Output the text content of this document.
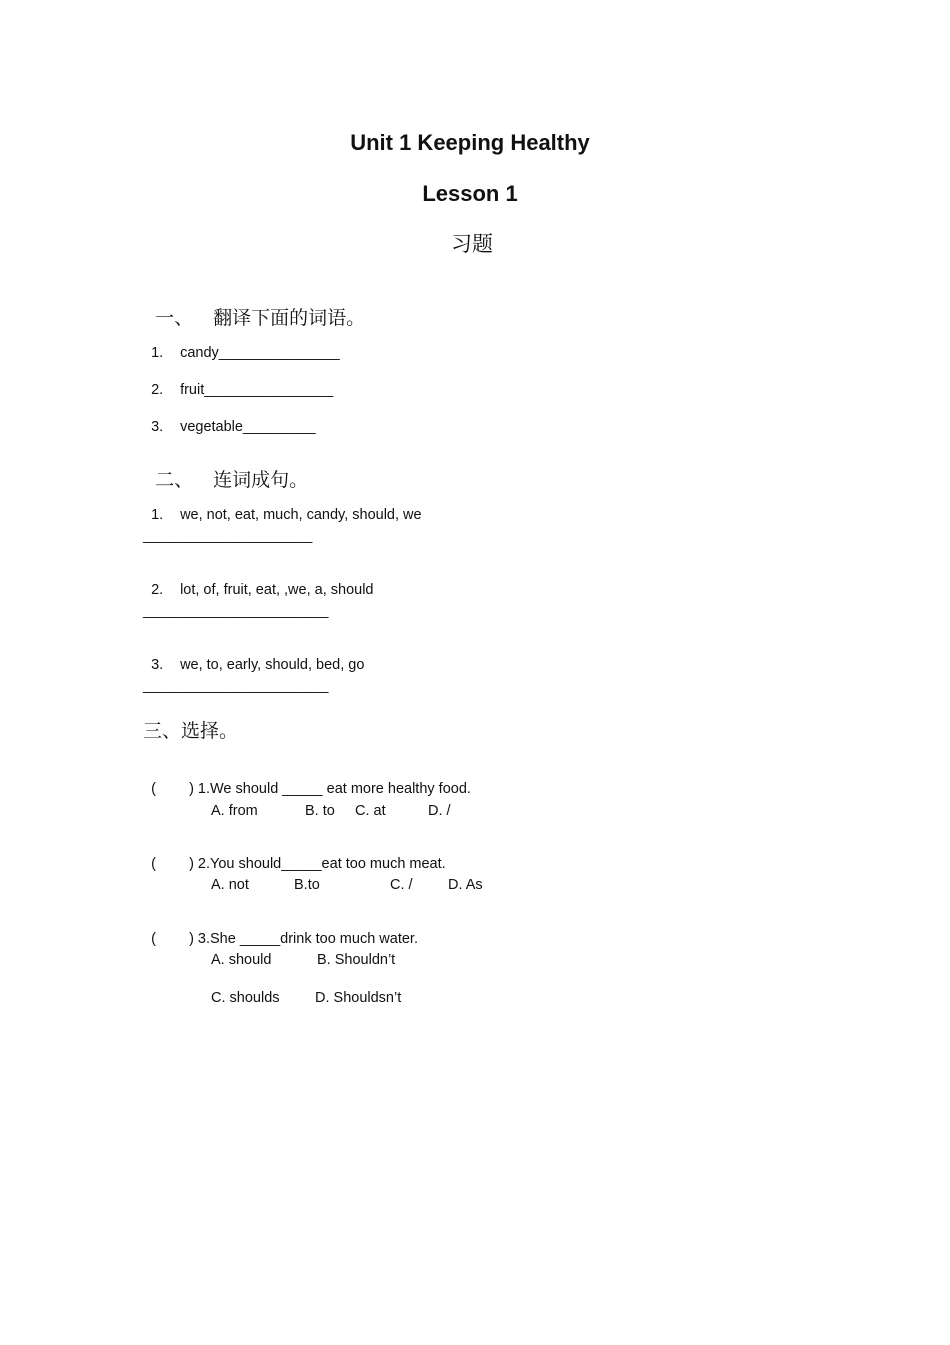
Unit 1 Keeping Healthy
Lesson 1
习题

一、 翻译下面的词语。

1. candy_______________

2. fruit________________

3. vegetable_________

二、 连词成句。

1. we, not, eat, much, candy, should, we

_____________________

2. lot, of, fruit, eat, ,we, a, should

_______________________

3. we, to, early, should, bed, go

_______________________
三、选择。

( ) 1.We should _____ eat more healthy food.

A. from	B. to C. at	D. /

( ) 2.You should_____eat too much meat.

A. not	B.to	C. / D. As

( ) 3.She _____drink too much water.

A. should	B. Shouldn’t
C. shoulds D. Shouldsn’t
